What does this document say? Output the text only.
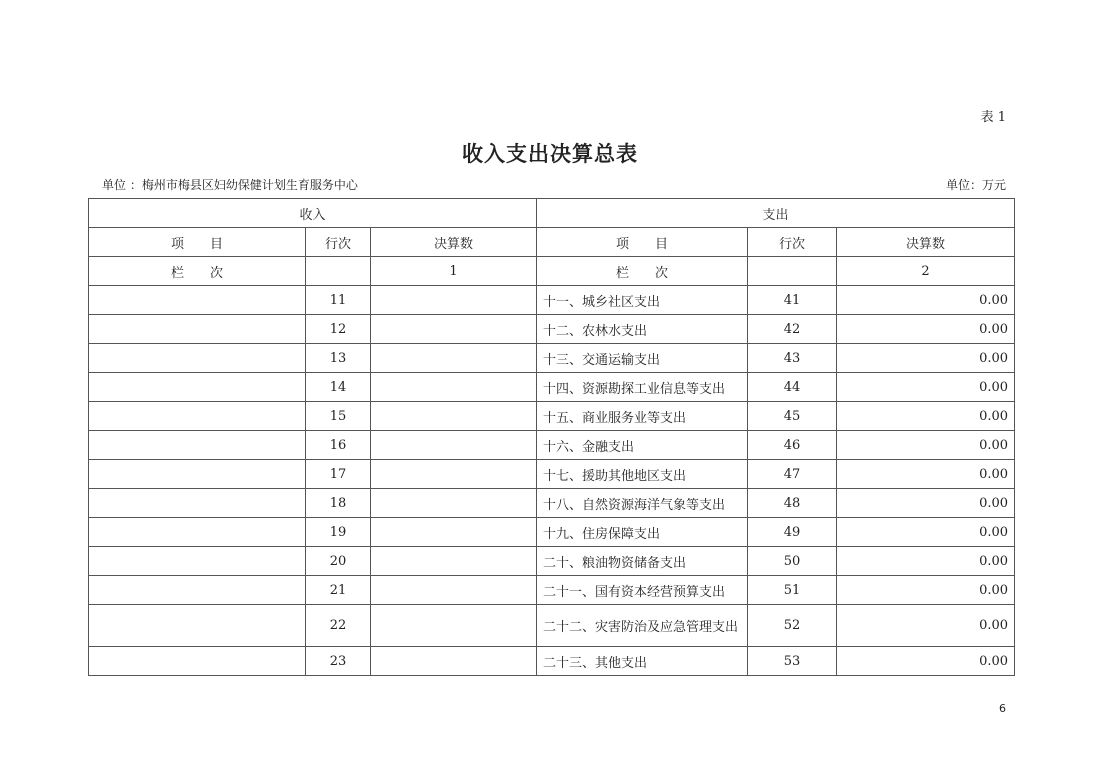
表 1
收入支出决算总表
单位 ：梅州市梅县区妇幼保健计划生育服务中心	单位：万元
收入			支出		
项　　目	行次	决算数	项　　目	行次	决算数
栏　　次		1	栏　　次		2
	11		十一、城乡社区支出	41	0.00
	12		十二、农林水支出	42	0.00
	13		十三、交通运输支出	43	0.00
	14		十四、资源勘探工业信息等支出	44	0.00
	15		十五、商业服务业等支出	45	0.00
	16		十六、金融支出	46	0.00
	17		十七、援助其他地区支出	47	0.00
	18		十八、自然资源海洋气象等支出	48	0.00
	19		十九、住房保障支出	49	0.00
	20		二十、粮油物资储备支出	50	0.00
	21		二十一、国有资本经营预算支出	51	0.00
	22		二十二、灾害防治及应急管理支出	52	0.00
	23		二十三、其他支出	53	0.00
6
